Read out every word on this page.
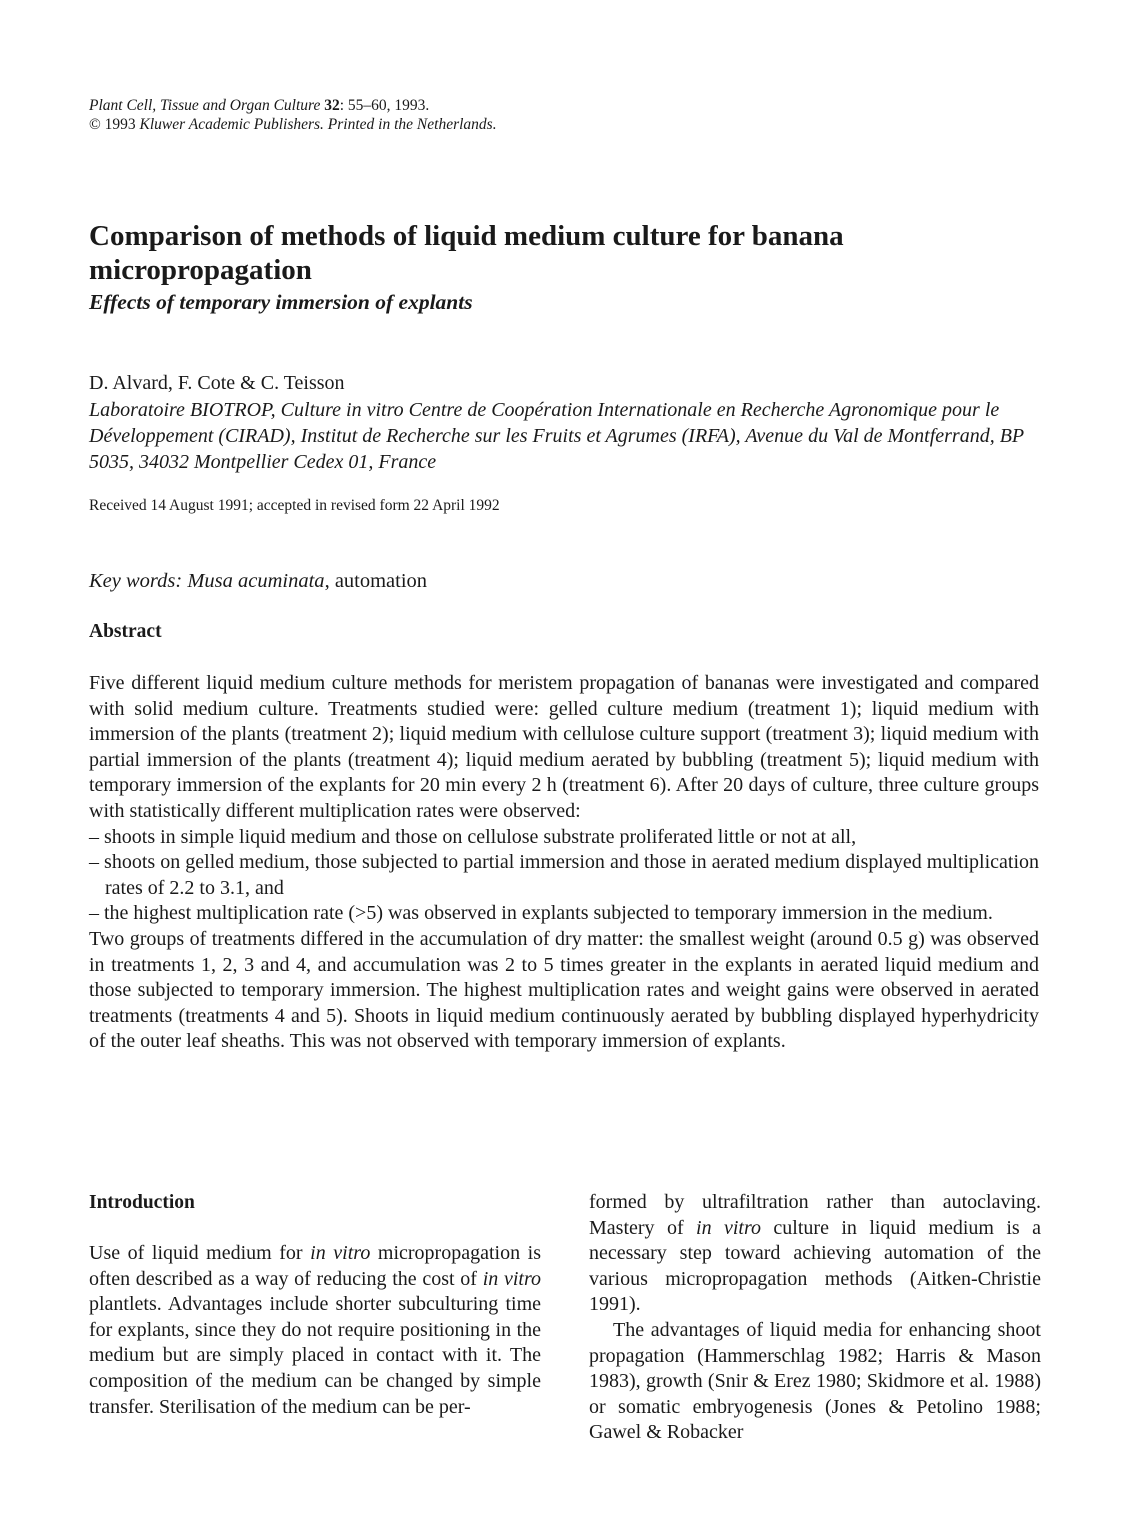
Plant Cell, Tissue and Organ Culture 32: 55–60, 1993.
© 1993 Kluwer Academic Publishers. Printed in the Netherlands.
Comparison of methods of liquid medium culture for banana micropropagation
Effects of temporary immersion of explants
D. Alvard, F. Cote & C. Teisson
Laboratoire BIOTROP, Culture in vitro Centre de Coopération Internationale en Recherche Agronomique pour le Développement (CIRAD), Institut de Recherche sur les Fruits et Agrumes (IRFA), Avenue du Val de Montferrand, BP 5035, 34032 Montpellier Cedex 01, France
Received 14 August 1991; accepted in revised form 22 April 1992
Key words: Musa acuminata, automation
Abstract

Five different liquid medium culture methods for meristem propagation of bananas were investigated and compared with solid medium culture. Treatments studied were: gelled culture medium (treatment 1); liquid medium with immersion of the plants (treatment 2); liquid medium with cellulose culture support (treatment 3); liquid medium with partial immersion of the plants (treatment 4); liquid medium aerated by bubbling (treatment 5); liquid medium with temporary immersion of the explants for 20 min every 2 h (treatment 6). After 20 days of culture, three culture groups with statistically different multiplication rates were observed:

– shoots in simple liquid medium and those on cellulose substrate proliferated little or not at all,

– shoots on gelled medium, those subjected to partial immersion and those in aerated medium displayed multiplication rates of 2.2 to 3.1, and

– the highest multiplication rate (>5) was observed in explants subjected to temporary immersion in the medium.

Two groups of treatments differed in the accumulation of dry matter: the smallest weight (around 0.5 g) was observed in treatments 1, 2, 3 and 4, and accumulation was 2 to 5 times greater in the explants in aerated liquid medium and those subjected to temporary immersion. The highest multiplication rates and weight gains were observed in aerated treatments (treatments 4 and 5). Shoots in liquid medium continuously aerated by bubbling displayed hyperhydricity of the outer leaf sheaths. This was not observed with temporary immersion of explants.

Introduction

Use of liquid medium for in vitro micropropagation is often described as a way of reducing the cost of in vitro plantlets. Advantages include shorter subculturing time for explants, since they do not require positioning in the medium but are simply placed in contact with it. The composition of the medium can be changed by simple transfer. Sterilisation of the medium can be per-

formed by ultrafiltration rather than autoclaving. Mastery of in vitro culture in liquid medium is a necessary step toward achieving automation of the various micropropagation methods (Aitken-Christie 1991).

The advantages of liquid media for enhancing shoot propagation (Hammerschlag 1982; Harris & Mason 1983), growth (Snir & Erez 1980; Skidmore et al. 1988) or somatic embryogenesis (Jones & Petolino 1988; Gawel & Robacker
